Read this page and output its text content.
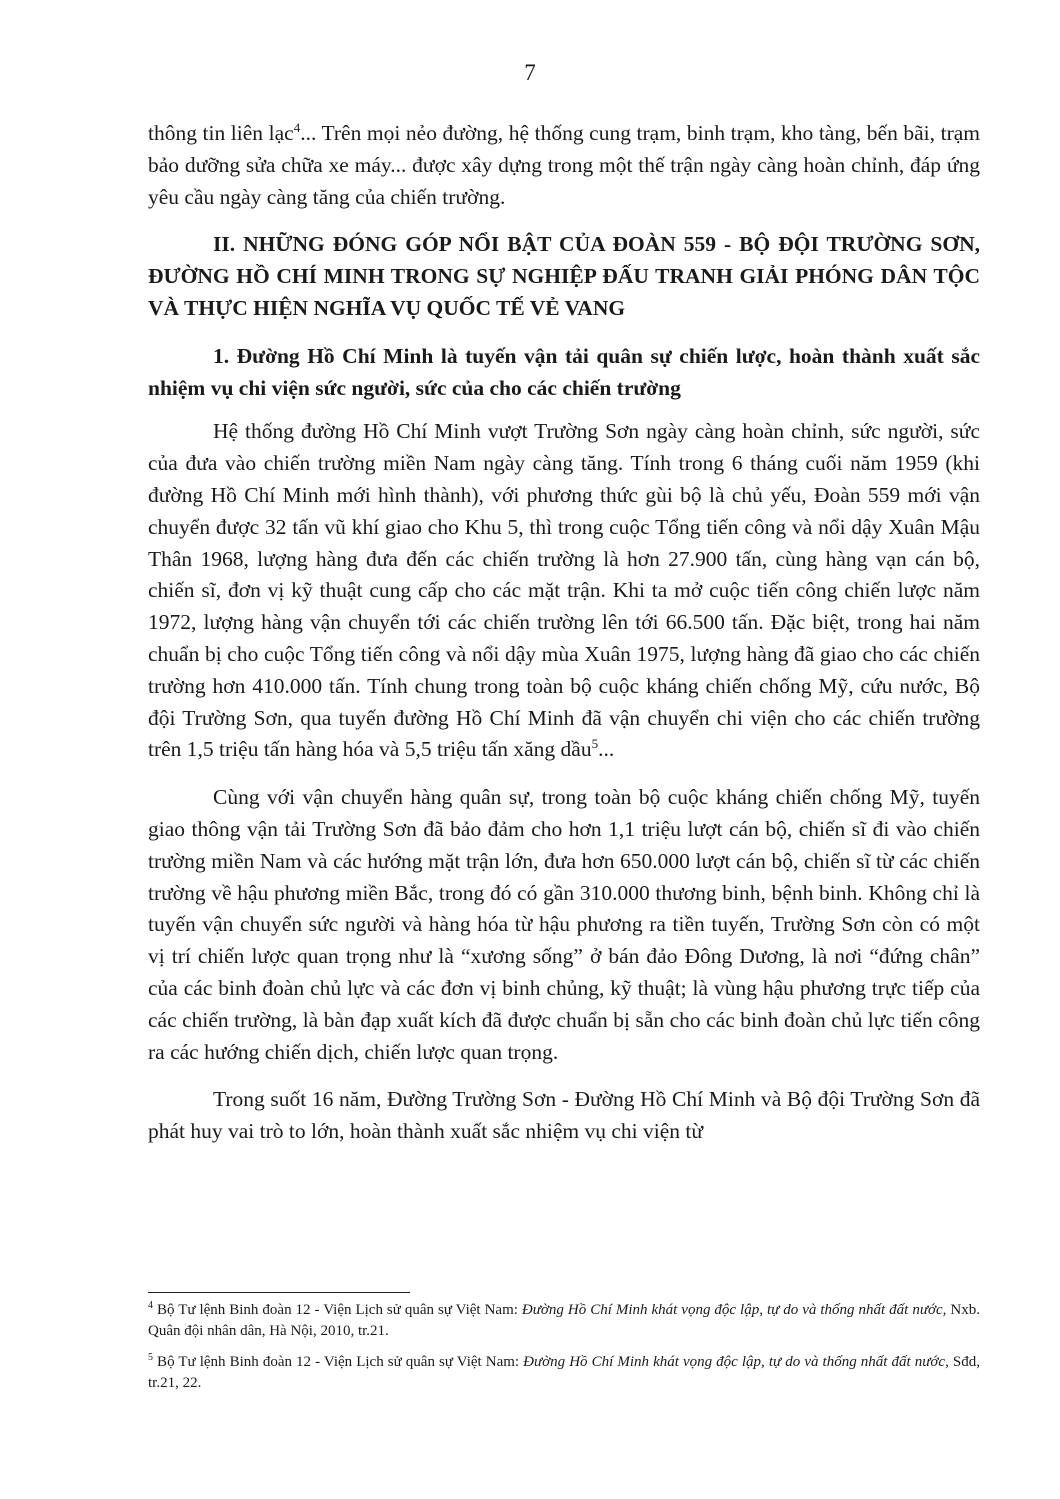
7

thông tin liên lạc$^4$... Trên mọi nẻo đường, hệ thống cung trạm, binh trạm, kho tàng, bến bãi, trạm bảo dưỡng sửa chữa xe máy... được xây dựng trong một thế trận ngày càng hoàn chỉnh, đáp ứng yêu cầu ngày càng tăng của chiến trường.

II. NHỮNG ĐÓNG GÓP NỔI BẬT CỦA ĐOÀN 559 - BỘ ĐỘI TRƯỜNG SƠN, ĐƯỜNG HỒ CHÍ MINH TRONG SỰ NGHIỆP ĐẤU TRANH GIẢI PHÓNG DÂN TỘC VÀ THỰC HIỆN NGHĨA VỤ QUỐC TẾ VẺ VANG
1. Đường Hồ Chí Minh là tuyến vận tải quân sự chiến lược, hoàn thành xuất sắc nhiệm vụ chi viện sức người, sức của cho các chiến trường

Hệ thống đường Hồ Chí Minh vượt Trường Sơn ngày càng hoàn chỉnh, sức người, sức của đưa vào chiến trường miền Nam ngày càng tăng. Tính trong 6 tháng cuối năm 1959 (khi đường Hồ Chí Minh mới hình thành), với phương thức gùi bộ là chủ yếu, Đoàn 559 mới vận chuyển được 32 tấn vũ khí giao cho Khu 5, thì trong cuộc Tổng tiến công và nổi dậy Xuân Mậu Thân 1968, lượng hàng đưa đến các chiến trường là hơn 27.900 tấn, cùng hàng vạn cán bộ, chiến sĩ, đơn vị kỹ thuật cung cấp cho các mặt trận. Khi ta mở cuộc tiến công chiến lược năm 1972, lượng hàng vận chuyển tới các chiến trường lên tới 66.500 tấn. Đặc biệt, trong hai năm chuẩn bị cho cuộc Tổng tiến công và nổi dậy mùa Xuân 1975, lượng hàng đã giao cho các chiến trường hơn 410.000 tấn. Tính chung trong toàn bộ cuộc kháng chiến chống Mỹ, cứu nước, Bộ đội Trường Sơn, qua tuyến đường Hồ Chí Minh đã vận chuyển chi viện cho các chiến trường trên 1,5 triệu tấn hàng hóa và 5,5 triệu tấn xăng dầu$^5$...

Cùng với vận chuyển hàng quân sự, trong toàn bộ cuộc kháng chiến chống Mỹ, tuyến giao thông vận tải Trường Sơn đã bảo đảm cho hơn 1,1 triệu lượt cán bộ, chiến sĩ đi vào chiến trường miền Nam và các hướng mặt trận lớn, đưa hơn 650.000 lượt cán bộ, chiến sĩ từ các chiến trường về hậu phương miền Bắc, trong đó có gần 310.000 thương binh, bệnh binh. Không chỉ là tuyến vận chuyển sức người và hàng hóa từ hậu phương ra tiền tuyến, Trường Sơn còn có một vị trí chiến lược quan trọng như là “xương sống” ở bán đảo Đông Dương, là nơi “đứng chân” của các binh đoàn chủ lực và các đơn vị binh chủng, kỹ thuật; là vùng hậu phương trực tiếp của các chiến trường, là bàn đạp xuất kích đã được chuẩn bị sẵn cho các binh đoàn chủ lực tiến công ra các hướng chiến dịch, chiến lược quan trọng.

Trong suốt 16 năm, Đường Trường Sơn - Đường Hồ Chí Minh và Bộ đội Trường Sơn đã phát huy vai trò to lớn, hoàn thành xuất sắc nhiệm vụ chi viện từ

$^4$ Bộ Tư lệnh Binh đoàn 12 - Viện Lịch sử quân sự Việt Nam: Đường Hồ Chí Minh khát vọng độc lập, tự do và thống nhất đất nước, Nxb. Quân đội nhân dân, Hà Nội, 2010, tr.21.

$^5$ Bộ Tư lệnh Binh đoàn 12 - Viện Lịch sử quân sự Việt Nam: Đường Hồ Chí Minh khát vọng độc lập, tự do và thống nhất đất nước, Sđd, tr.21, 22.
